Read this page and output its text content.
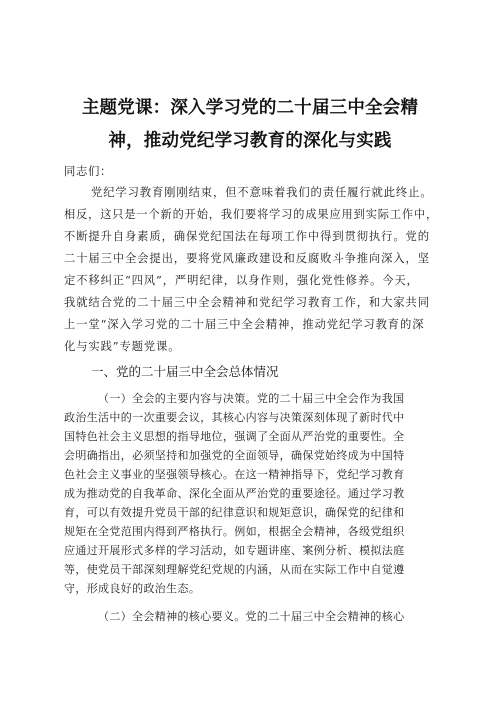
主题党课：深入学习党的二十届三中全会精
神，推动党纪学习教育的深化与实践
同志们：
党纪学习教育刚刚结束，但不意味着我们的责任履行就此终止。
相反，这只是一个新的开始，我们要将学习的成果应用到实际工作中，
不断提升自身素质，确保党纪国法在每项工作中得到贯彻执行。党的
二十届三中全会提出，要将党风廉政建设和反腐败斗争推向深入，坚
定不移纠正“四风”，严明纪律，以身作则，强化党性修养。今天，
我就结合党的二十届三中全会精神和党纪学习教育工作，和大家共同
上一堂“深入学习党的二十届三中全会精神，推动党纪学习教育的深
化与实践”专题党课。
一、党的二十届三中全会总体情况
（一）全会的主要内容与决策。党的二十届三中全会作为我国
政治生活中的一次重要会议，其核心内容与决策深刻体现了新时代中
国特色社会主义思想的指导地位，强调了全面从严治党的重要性。全
会明确指出，必须坚持和加强党的全面领导，确保党始终成为中国特
色社会主义事业的坚强领导核心。在这一精神指导下，党纪学习教育
成为推动党的自我革命、深化全面从严治党的重要途径。通过学习教
育，可以有效提升党员干部的纪律意识和规矩意识，确保党的纪律和
规矩在全党范围内得到严格执行。例如，根据全会精神，各级党组织
应通过开展形式多样的学习活动，如专题讲座、案例分析、模拟法庭
等，使党员干部深刻理解党纪党规的内涵，从而在实际工作中自觉遵
守，形成良好的政治生态。
（二）全会精神的核心要义。党的二十届三中全会精神的核心
